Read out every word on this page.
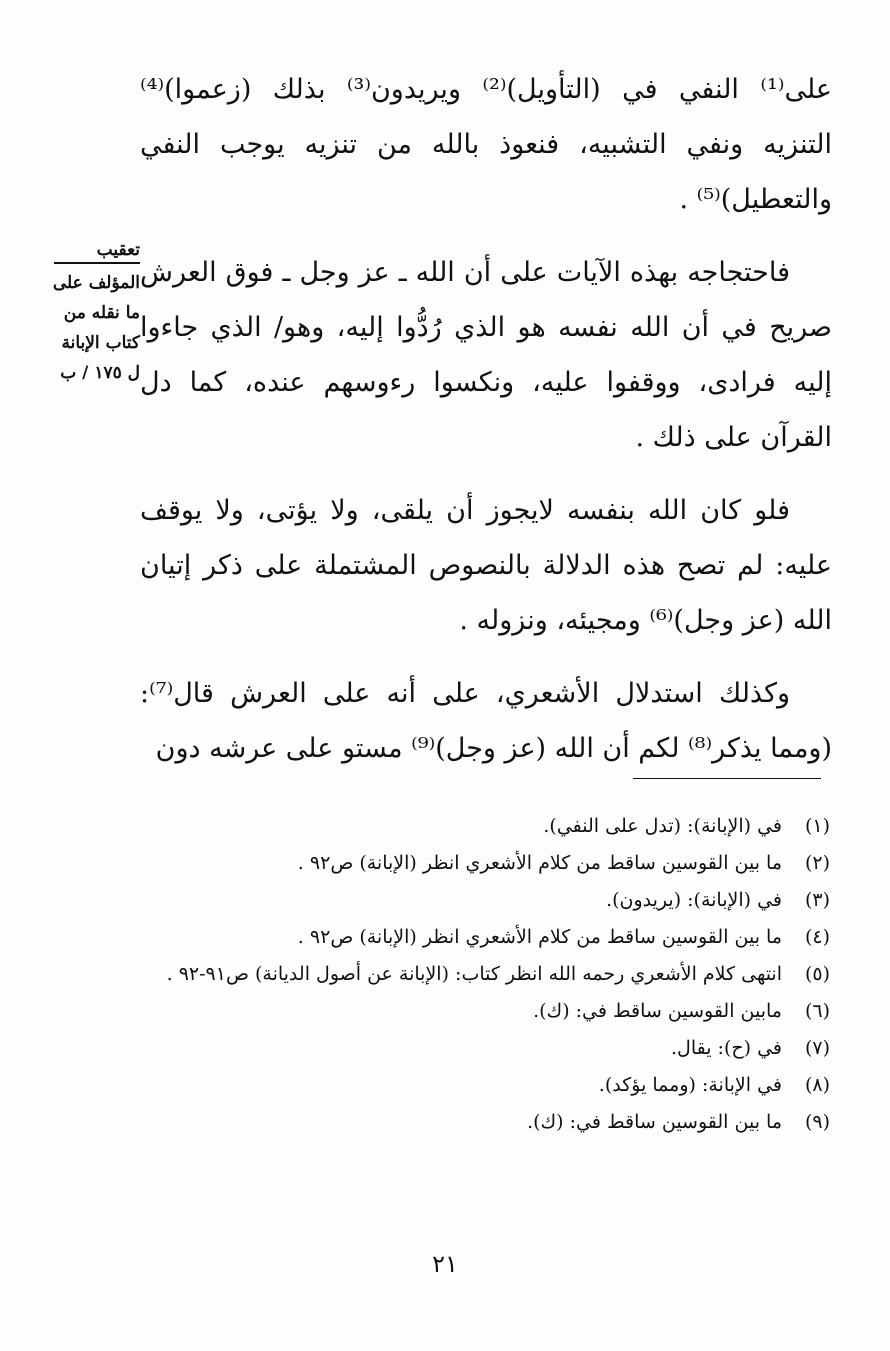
على⁽¹⁾ النفي في (التأويل)⁽²⁾ ويريدون⁽³⁾ بذلك (زعموا)⁽⁴⁾ التنزيه ونفي التشبيه، فنعوذ بالله من تنزيه يوجب النفي والتعطيل)⁽⁵⁾ .

فاحتجاجه بهذه الآيات على أن الله ـ عز وجل ـ فوق العرش صريح في أن الله نفسه هو الذي رُدُّوا إليه، وهو/ الذي جاءوا إليه فرادى، ووقفوا عليه، ونكسوا رءوسهم عنده، كما دل القرآن على ذلك .

فلو كان الله بنفسه لايجوز أن يلقى، ولا يؤتى، ولا يوقف عليه: لم تصح هذه الدلالة بالنصوص المشتملة على ذكر إتيان الله (عز وجل)⁽⁶⁾ ومجيئه، ونزوله .

وكذلك استدلال الأشعري، على أنه على العرش قال⁽⁷⁾: (ومما يذكر⁽⁸⁾ لكم أن الله (عز وجل)⁽⁹⁾ مستو على عرشه دون

تعقيب
المؤلف على
ما نقله من
كتاب الإبانة
ل ١٧٥ / ب
(١)
في (الإبانة): (تدل على النفي).
(٢)
ما بين القوسين ساقط من كلام الأشعري انظر (الإبانة) ص٩٢ .
(٣)
في (الإبانة): (يريدون).
(٤)
ما بين القوسين ساقط من كلام الأشعري انظر (الإبانة) ص٩٢ .
(٥)
انتهى كلام الأشعري رحمه الله انظر كتاب: (الإبانة عن أصول الديانة) ص٩١-٩٢ .
(٦)
مابين القوسين ساقط في: (ك).
(٧)
في (ح): يقال.
(٨)
في الإبانة: (ومما يؤكد).
(٩)
ما بين القوسين ساقط في: (ك).
٢١
